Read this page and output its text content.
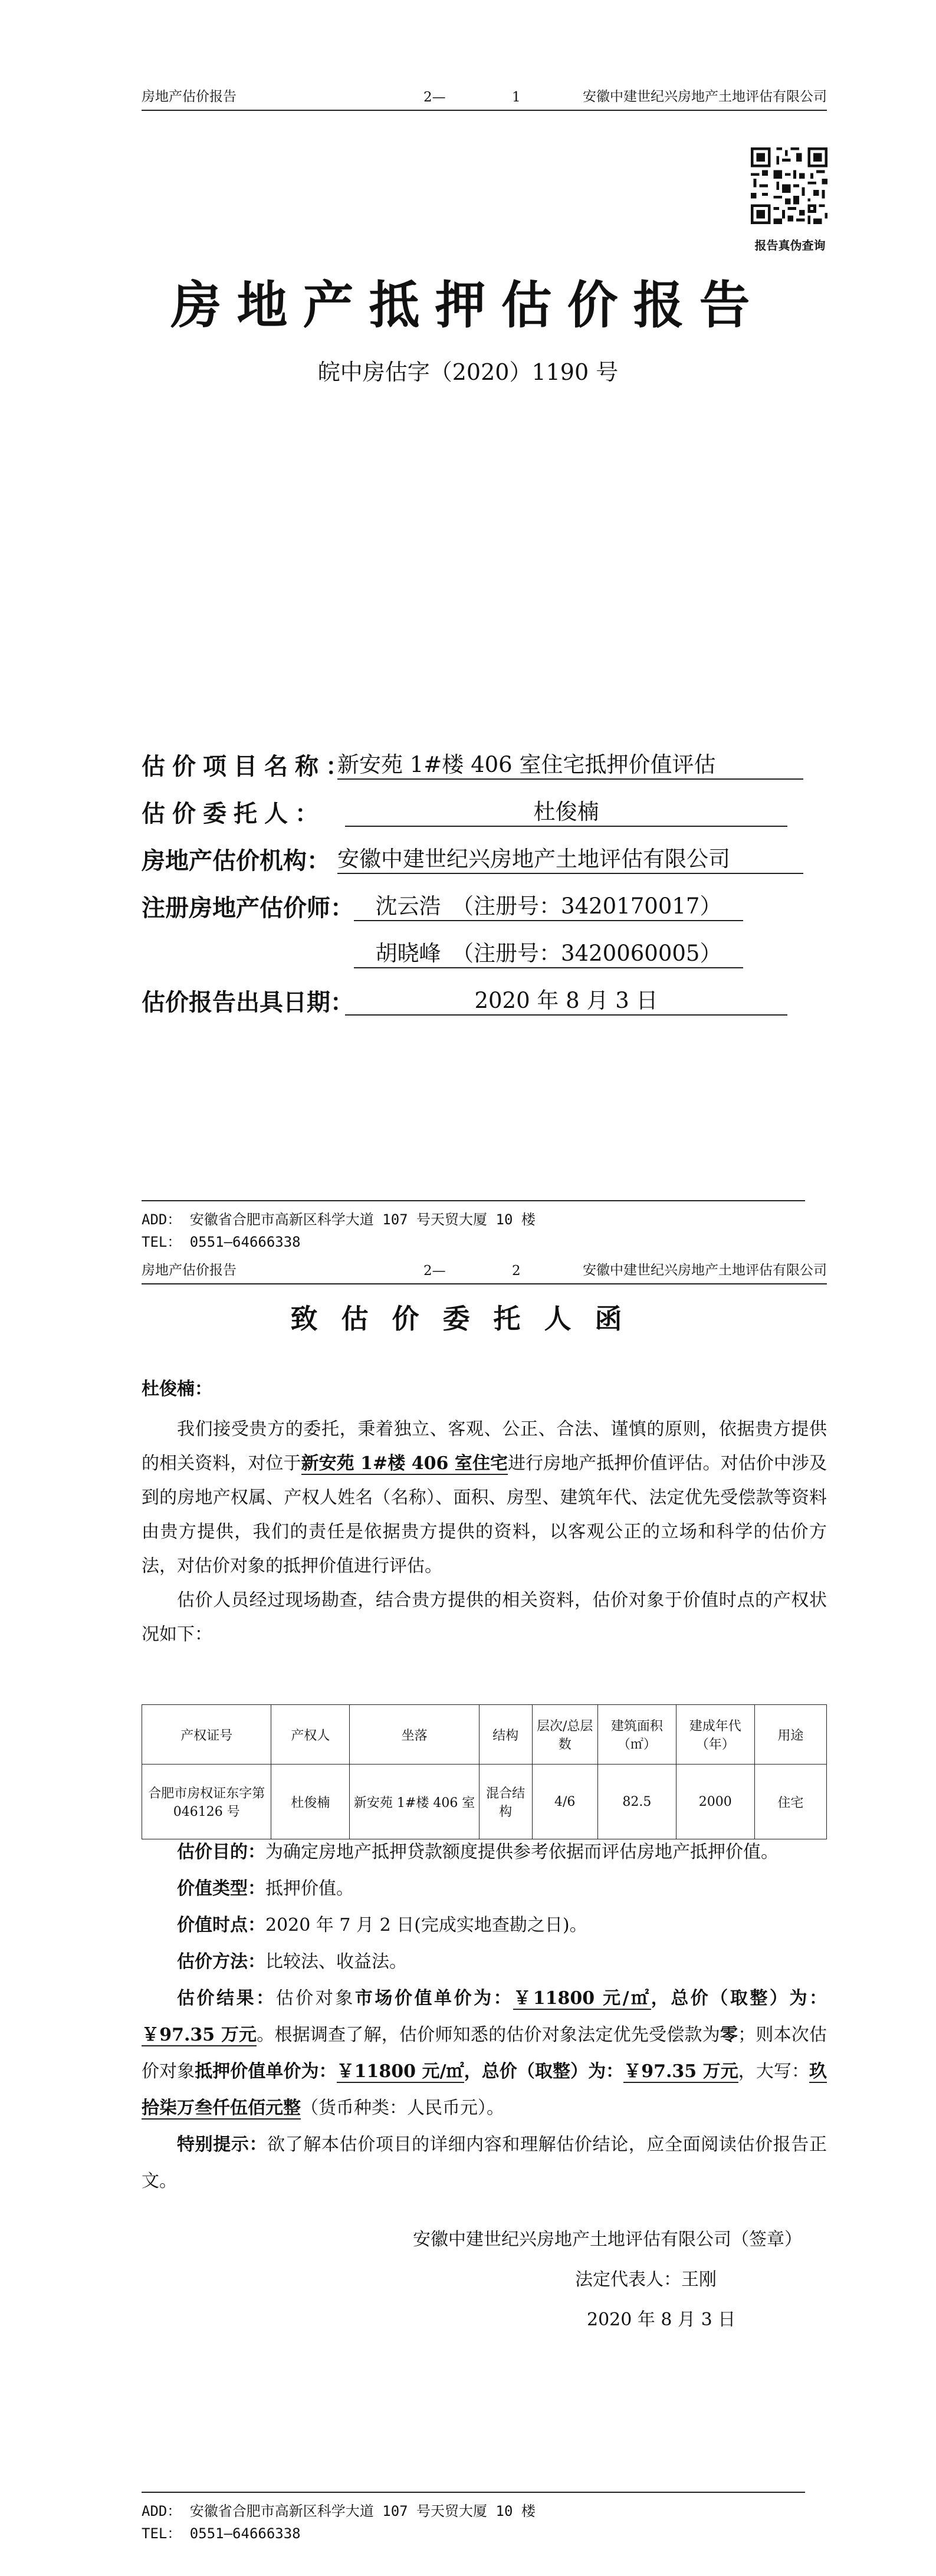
房地产估价报告	2—	1	安徽中建世纪兴房地产土地评估有限公司
报告真伪查询
房地产抵押估价报告
皖中房估字（2020）1190 号
估价项目名称：
新安苑 1#楼 406 室住宅抵押价值评估
估价委托人：	杜俊楠
房地产估价机构： 安徽中建世纪兴房地产土地评估有限公司
注册房地产估价师： 沈云浩　（注册号：3420170017）
胡晓峰　（注册号：3420060005）
估价报告出具日期：	2020 年 8 月 3 日
ADD： 安徽省合肥市高新区科学大道 107 号天贸大厦 10 楼
TEL： 0551—64666338
房地产估价报告	2—	2	安徽中建世纪兴房地产土地评估有限公司
致估价委托人函
杜俊楠：

我们接受贵方的委托，秉着独立、客观、公正、合法、谨慎的原则，依据贵方提供的相关资料，对位于新安苑 1#楼 406 室住宅进行房地产抵押价值评估。对估价中涉及到的房地产权属、产权人姓名（名称）、面积、房型、建筑年代、法定优先受偿款等资料由贵方提供，我们的责任是依据贵方提供的资料，以客观公正的立场和科学的估价方法，对估价对象的抵押价值进行评估。

估价人员经过现场勘查，结合贵方提供的相关资料，估价对象于价值时点的产权状况如下：

产权证号	产权人	坐落	结构	层次/总层数	建筑面积（㎡）	建成年代（年）	用途
合肥市房权证东字第046126 号	杜俊楠	新安苑 1#楼 406 室	混合结构	4/6	82.5	2000	住宅

估价目的：为确定房地产抵押贷款额度提供参考依据而评估房地产抵押价值。

价值类型：抵押价值。

价值时点：2020 年 7 月 2 日(完成实地查勘之日)。

估价方法：比较法、收益法。

估价结果：估价对象市场价值单价为：￥11800 元/㎡，总价（取整）为：￥97.35 万元。根据调查了解，估价师知悉的估价对象法定优先受偿款为零；则本次估价对象抵押价值单价为：￥11800 元/㎡，总价（取整）为：￥97.35 万元，大写：玖拾柒万叁仟伍佰元整（货币种类：人民币元）。

特别提示：欲了解本估价项目的详细内容和理解估价结论，应全面阅读估价报告正文。

安徽中建世纪兴房地产土地评估有限公司（签章）
法定代表人：王刚
2020 年 8 月 3 日
ADD： 安徽省合肥市高新区科学大道 107 号天贸大厦 10 楼
TEL： 0551—64666338
